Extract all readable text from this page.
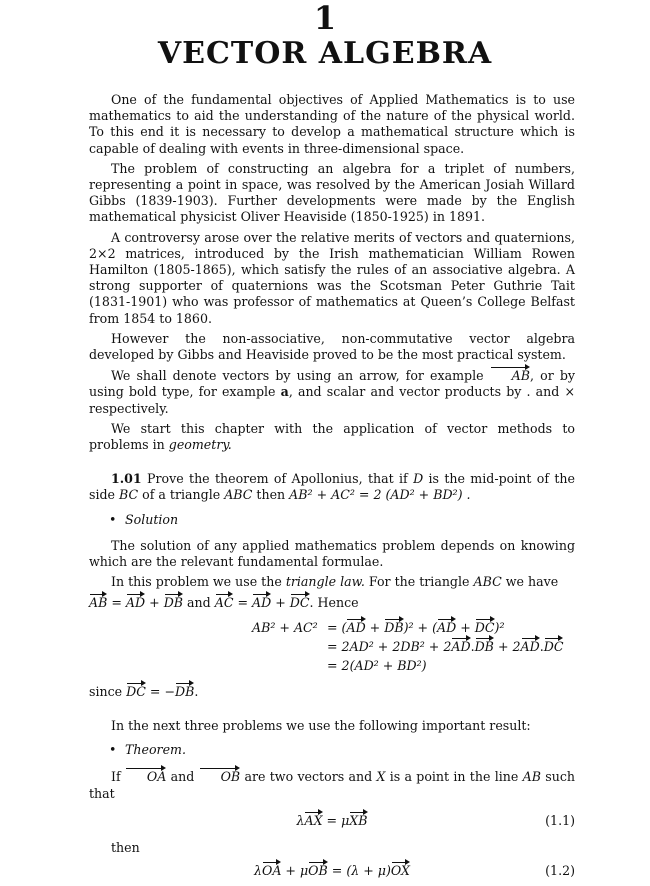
1
VECTOR ALGEBRA

One of the fundamental objectives of Applied Mathematics is to use mathematics to aid the understanding of the nature of the physical world. To this end it is necessary to develop a mathematical structure which is capable of dealing with events in three-dimensional space.

The problem of constructing an algebra for a triplet of numbers, representing a point in space, was resolved by the American Josiah Willard Gibbs (1839-1903). Further developments were made by the English mathematical physicist Oliver Heaviside (1850-1925) in 1891.

A controversy arose over the relative merits of vectors and quaternions, 2×2 matrices, introduced by the Irish mathematician William Rowen Hamilton (1805-1865), which satisfy the rules of an associative algebra. A strong supporter of quaternions was the Scotsman Peter Guthrie Tait (1831-1901) who was professor of mathematics at Queen’s College Belfast from 1854 to 1860.

However the non-associative, non-commutative vector algebra developed by Gibbs and Heaviside proved to be the most practical system.

We shall denote vectors by using an arrow, for example AB, or by using bold type, for example a, and scalar and vector products by . and × respectively.

We start this chapter with the application of vector methods to problems in geometry.

1.01 Prove the theorem of Apollonius, that if D is the mid-point of the side BC of a triangle ABC then AB² + AC² = 2 (AD² + BD²) .

• Solution

The solution of any applied mathematics problem depends on knowing which are the relevant fundamental formulae.

In this problem we use the triangle law. For the triangle ABC we have

AB = AD + DB and AC = AD + DC. Hence

AB² + AC² = (AD + DB)² + (AD + DC)²
= 2AD² + 2DB² + 2AD.DB + 2AD.DC
= 2(AD² + BD²)

since DC = −DB.

In the next three problems we use the following important result:

• Theorem.

If OA and OB are two vectors and X is a point in the line AB such that

λAX = μXB	(1.1)
then
λOA + μOB = (λ + μ)OX	(1.2)
